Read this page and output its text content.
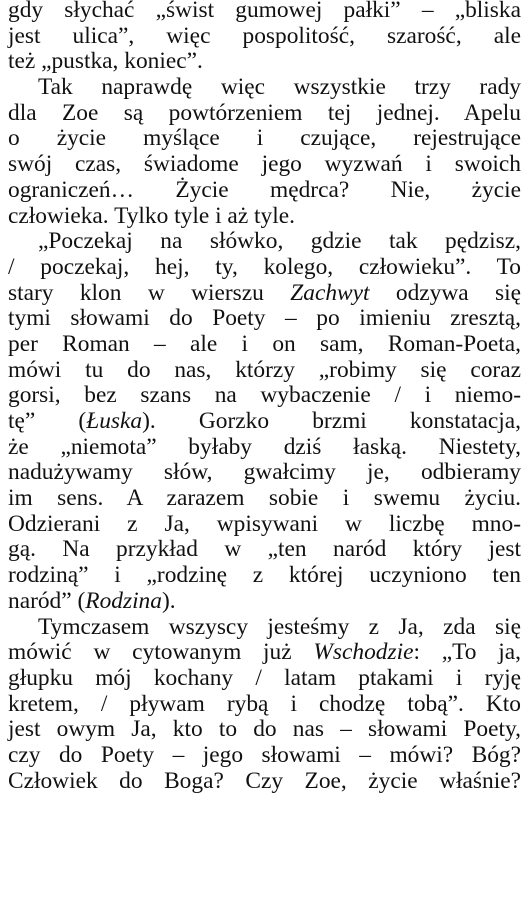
gdy słychać „świst gumowej pałki” – „bliska
jest ulica”, więc pospolitość, szarość, ale
też „pustka, koniec”.
Tak naprawdę więc wszystkie trzy rady
dla Zoe są powtórzeniem tej jednej. Apelu
o życie myślące i czujące, rejestrujące
swój czas, świadome jego wyzwań i swoich
ograniczeń… Życie mędrca? Nie, życie
człowieka. Tylko tyle i aż tyle.
„Poczekaj na słówko, gdzie tak pędzisz,
/ poczekaj, hej, ty, kolego, człowieku”. To
stary klon w wierszu Zachwyt odzywa się
tymi słowami do Poety – po imieniu zresztą,
per Roman – ale i on sam, Roman-Poeta,
mówi tu do nas, którzy „robimy się coraz
gorsi, bez szans na wybaczenie / i niemo-
tę” (Łuska). Gorzko brzmi konstatacja,
że „niemota” byłaby dziś łaską. Niestety,
nadużywamy słów, gwałcimy je, odbieramy
im sens. A zarazem sobie i swemu życiu.
Odzierani z Ja, wpisywani w liczbę mno-
gą. Na przykład w „ten naród który jest
rodziną” i „rodzinę z której uczyniono ten
naród” (Rodzina).
Tymczasem wszyscy jesteśmy z Ja, zda się
mówić w cytowanym już Wschodzie: „To ja,
głupku mój kochany / latam ptakami i ryję
kretem, / pływam rybą i chodzę tobą”. Kto
jest owym Ja, kto to do nas – słowami Poety,
czy do Poety – jego słowami – mówi? Bóg?
Człowiek do Boga? Czy Zoe, życie właśnie?
